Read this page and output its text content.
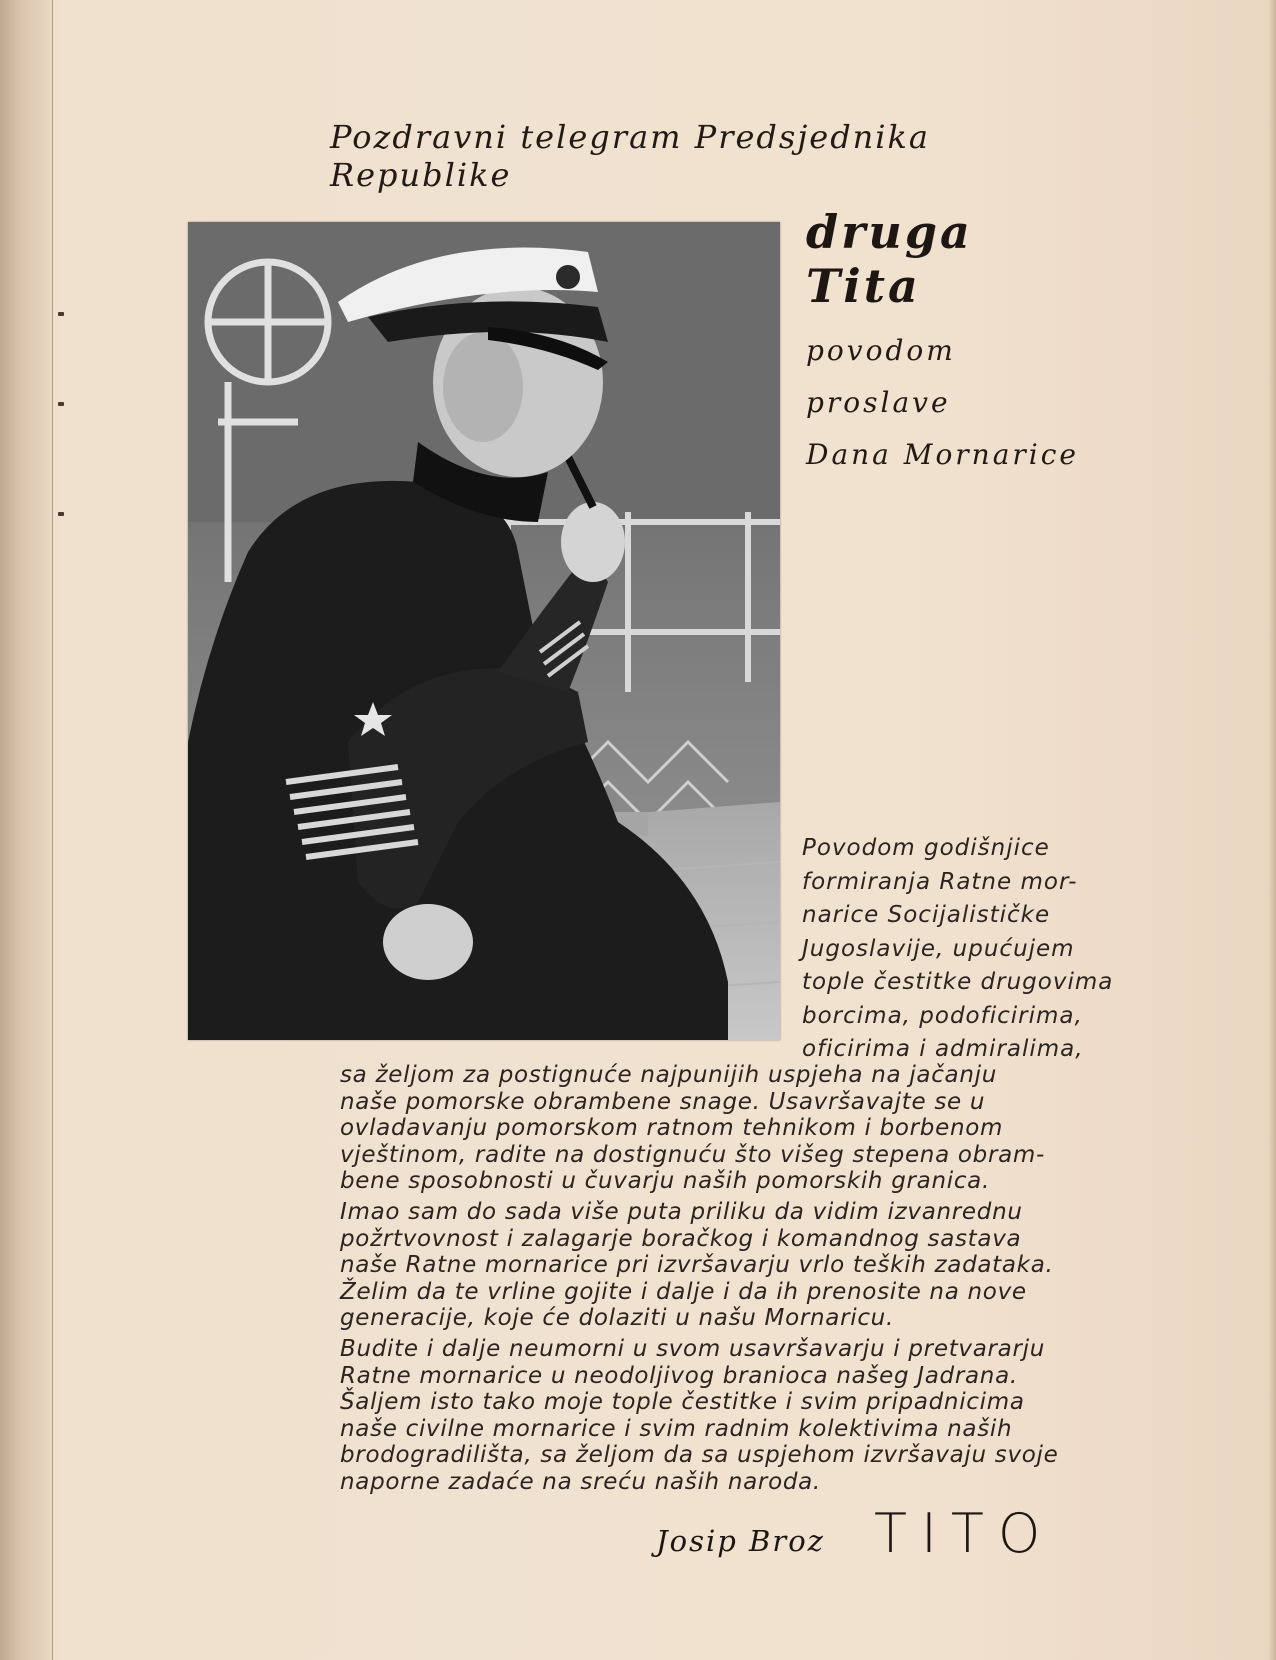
Pozdravni telegram Predsjednika Republike
druga Tita
povodom proslave
Dana Mornarice
Povodom godišnjice
formiranja Ratne mor-
narice Socijalističke
Jugoslavije, upućujem
tople čestitke drugovima
borcima, podoficirima,
oficirima i admiralima,
sa željom za postignuće najpunijih uspjeha na jačanju
naše pomorske obrambene snage. Usavršavajte se u
ovladavanju pomorskom ratnom tehnikom i borbenom
vještinom, radite na dostignuću što višeg stepena obram-
bene sposobnosti u čuvarju naših pomorskih granica.
Imao sam do sada više puta priliku da vidim izvanrednu
požrtvovnost i zalagarje boračkog i komandnog sastava
naše Ratne mornarice pri izvršavarju vrlo teških zadataka.
Želim da te vrline gojite i dalje i da ih prenosite na nove
generacije, koje će dolaziti u našu Mornaricu.
Budite i dalje neumorni u svom usavršavarju i pretvararju
Ratne mornarice u neodoljivog branioca našeg Jadrana.
Šaljem isto tako moje tople čestitke i svim pripadnicima
naše civilne mornarice i svim radnim kolektivima naših
brodogradilišta, sa željom da sa uspjehom izvršavaju svoje
naporne zadaće na sreću naših naroda.
Josip Broz TITO
